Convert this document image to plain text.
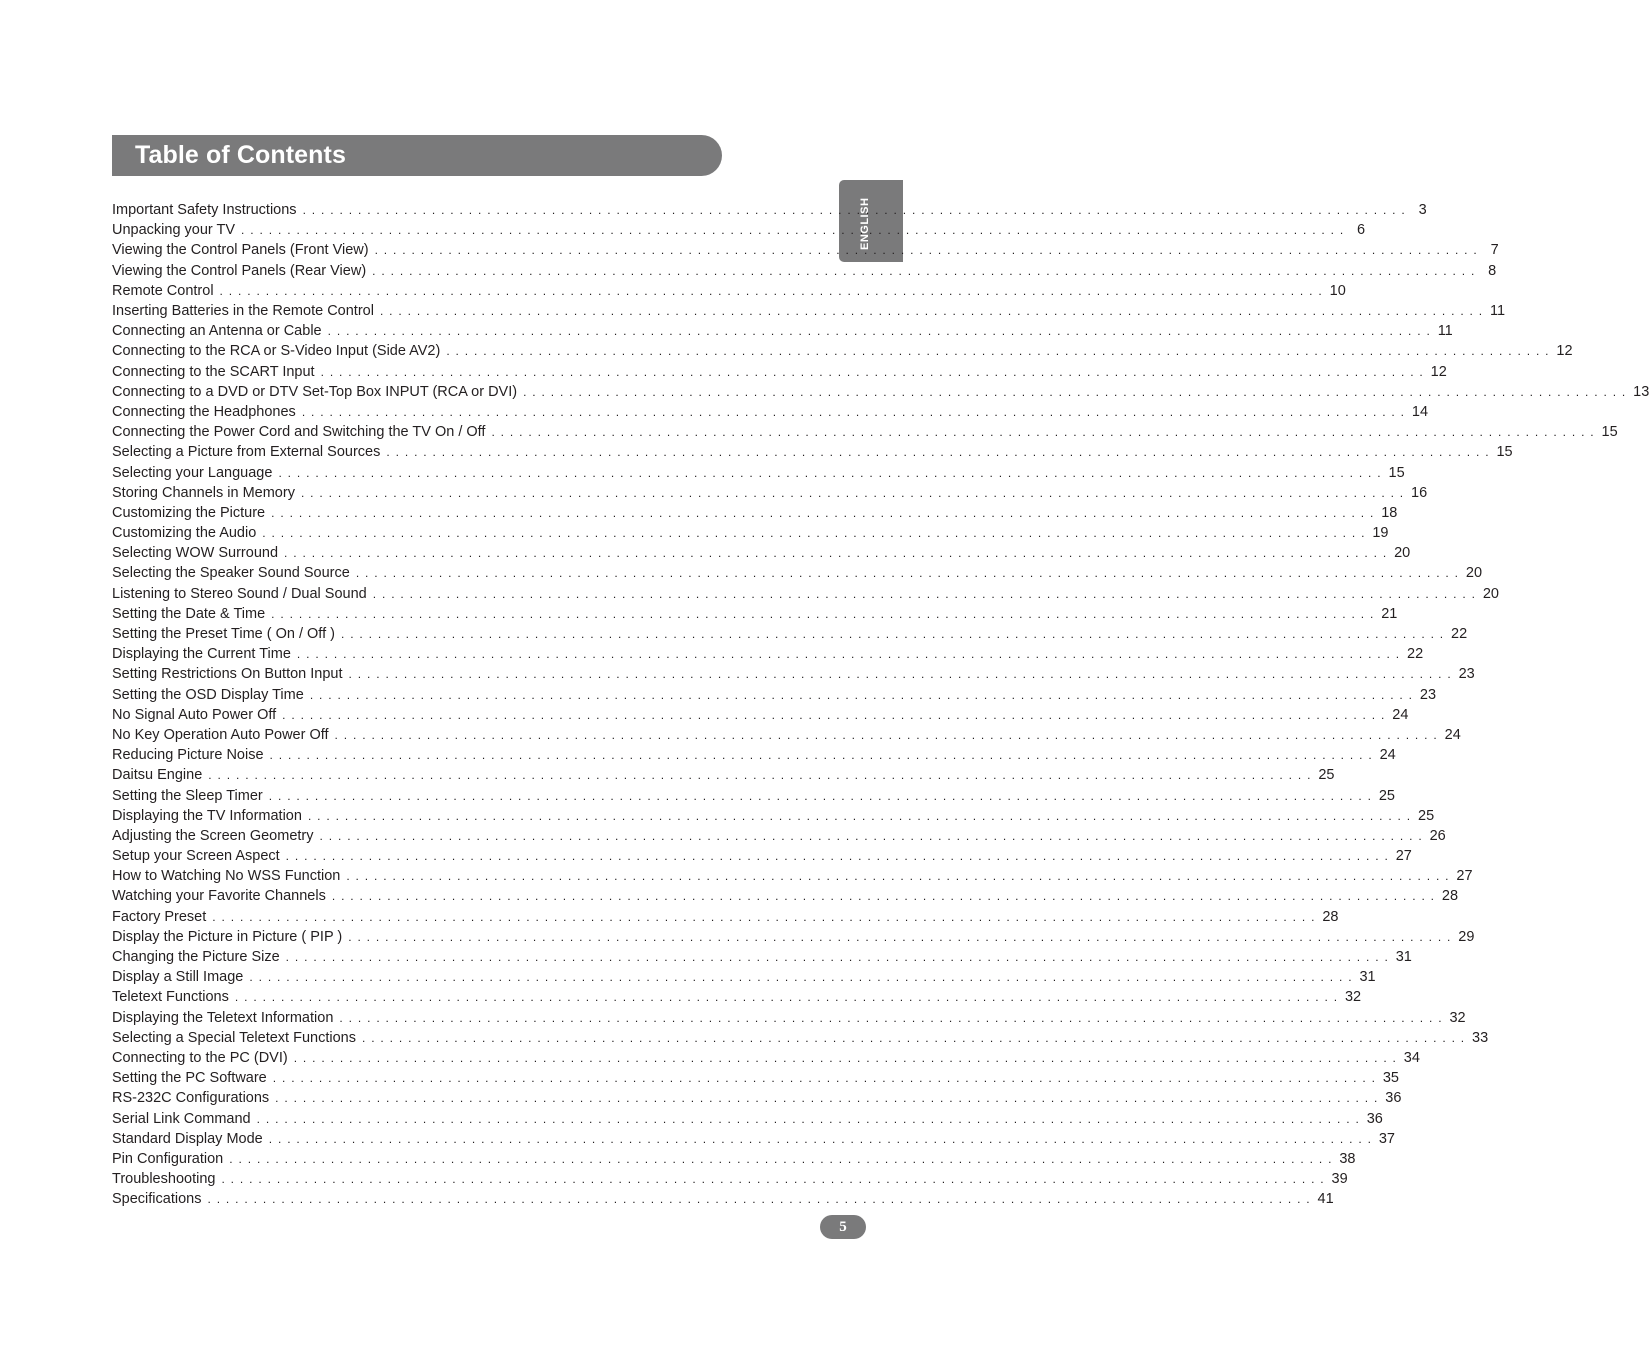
Table of Contents
ENGLISH
Important Safety Instructions ........................................................................................................................ 3
Unpacking your TV ........................................................................................................................ 6
Viewing the Control Panels (Front View) ........................................................................................................................ 7
Viewing the Control Panels (Rear View) ........................................................................................................................ 8
Remote Control ........................................................................................................................ 10
Inserting Batteries in the Remote Control ........................................................................................................................ 11
Connecting an Antenna or Cable ........................................................................................................................ 11
Connecting to the RCA or S-Video Input (Side AV2) ........................................................................................................................ 12
Connecting to the SCART Input ........................................................................................................................ 12
Connecting to a DVD or DTV Set-Top Box INPUT (RCA or DVI) ........................................................................................................................ 13
Connecting the Headphones ........................................................................................................................ 14
Connecting the Power Cord and Switching the TV On / Off ........................................................................................................................ 15
Selecting a Picture from External Sources ........................................................................................................................ 15
Selecting your Language ........................................................................................................................ 15
Storing Channels in Memory ........................................................................................................................ 16
Customizing the Picture ........................................................................................................................ 18
Customizing the Audio ........................................................................................................................ 19
Selecting WOW Surround ........................................................................................................................ 20
Selecting the Speaker Sound Source ........................................................................................................................ 20
Listening to Stereo Sound / Dual Sound ........................................................................................................................ 20
Setting the Date & Time ........................................................................................................................ 21
Setting the Preset Time ( On / Off ) ........................................................................................................................ 22
Displaying the Current Time ........................................................................................................................ 22
Setting Restrictions On Button Input ........................................................................................................................ 23
Setting the OSD Display Time ........................................................................................................................ 23
No Signal Auto Power Off ........................................................................................................................ 24
No Key Operation Auto Power Off ........................................................................................................................ 24
Reducing Picture Noise ........................................................................................................................ 24
Daitsu Engine ........................................................................................................................ 25
Setting the Sleep Timer ........................................................................................................................ 25
Displaying the TV Information ........................................................................................................................ 25
Adjusting the Screen Geometry ........................................................................................................................ 26
Setup your Screen Aspect ........................................................................................................................ 27
How to Watching No WSS Function ........................................................................................................................ 27
Watching your Favorite Channels ........................................................................................................................ 28
Factory Preset ........................................................................................................................ 28
Display the Picture in Picture ( PIP ) ........................................................................................................................ 29
Changing the Picture Size ........................................................................................................................ 31
Display a Still Image ........................................................................................................................ 31
Teletext Functions ........................................................................................................................ 32
Displaying the Teletext Information ........................................................................................................................ 32
Selecting a Special Teletext Functions ........................................................................................................................ 33
Connecting to the PC (DVI) ........................................................................................................................ 34
Setting the PC Software ........................................................................................................................ 35
RS-232C Configurations ........................................................................................................................ 36
Serial Link Command ........................................................................................................................ 36
Standard Display Mode ........................................................................................................................ 37
Pin Configuration ........................................................................................................................ 38
Troubleshooting ........................................................................................................................ 39
Specifications ........................................................................................................................ 41
5
